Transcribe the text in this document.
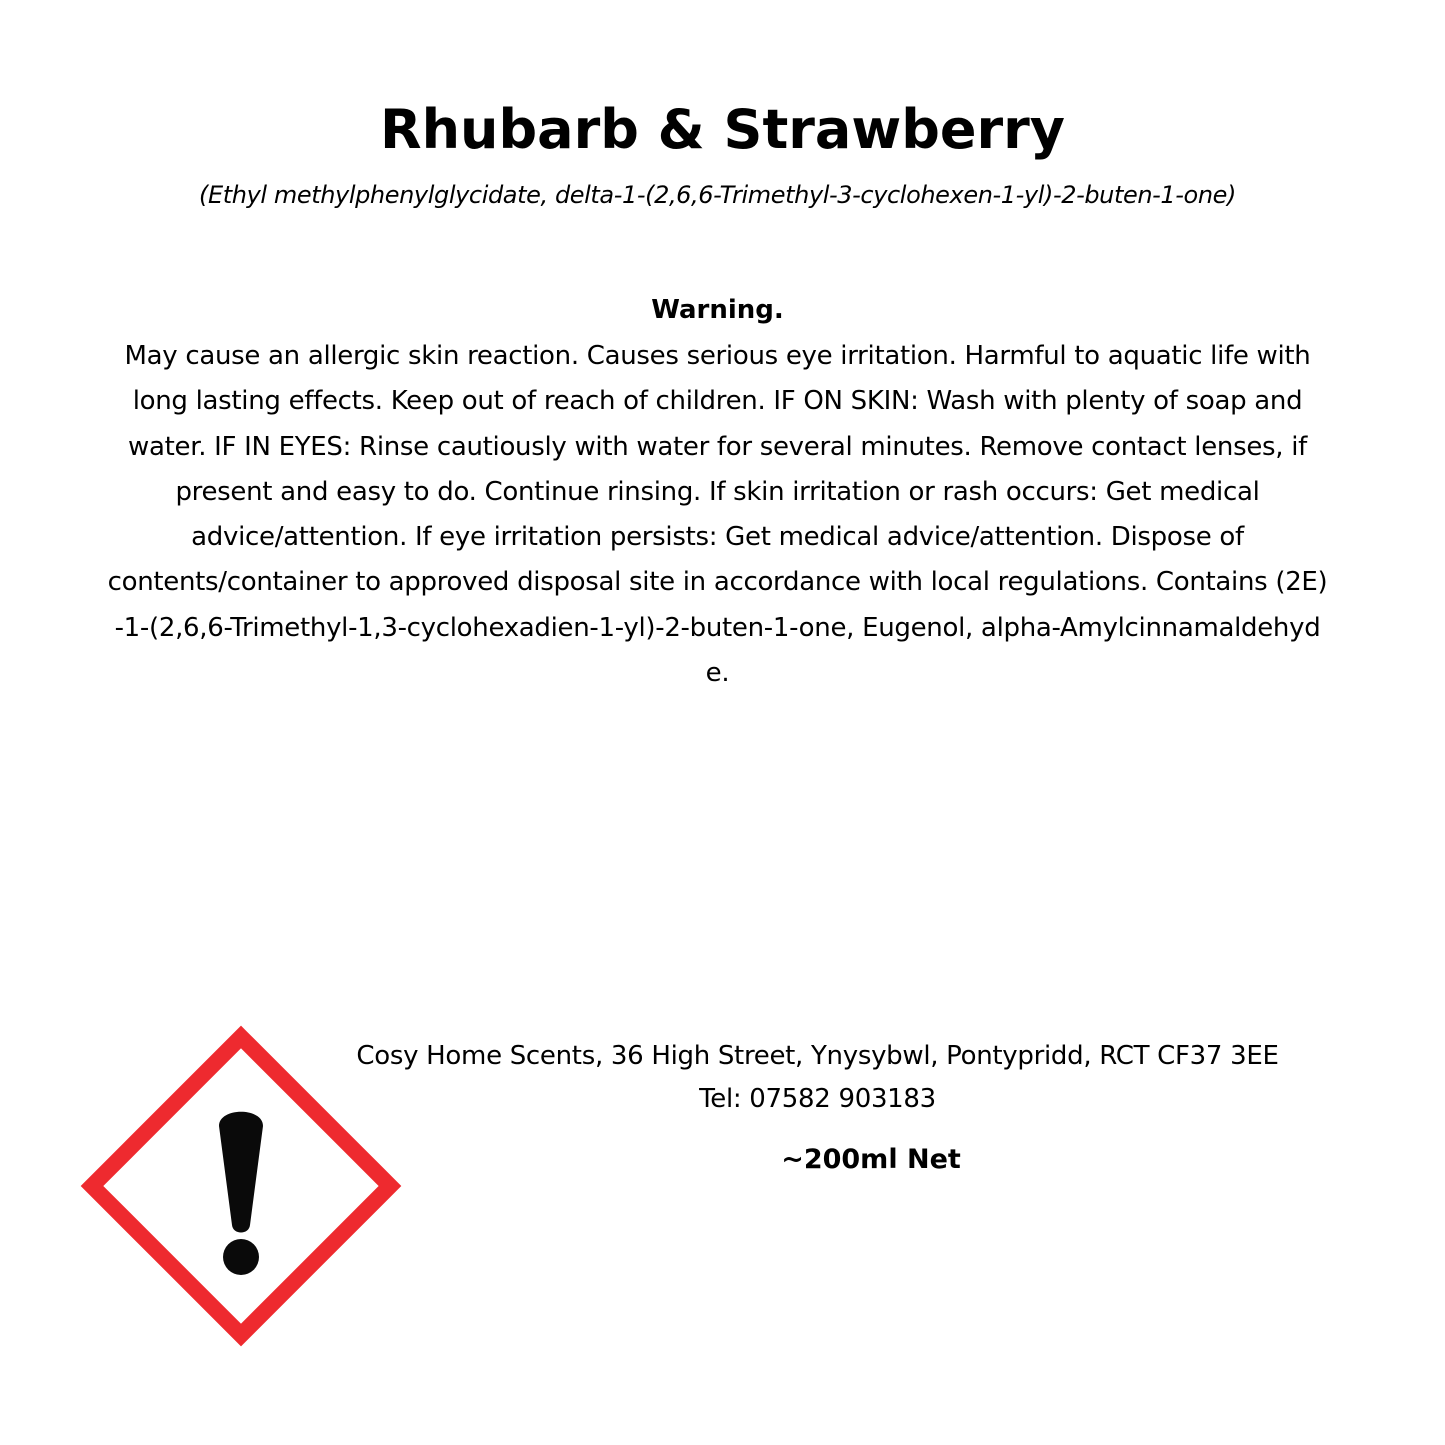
Rhubarb & Strawberry
(Ethyl methylphenylglycidate, delta-1-(2,6,6-Trimethyl-3-cyclohexen-1-yl)-2-buten-1-one)
Warning.
May cause an allergic skin reaction. Causes serious eye irritation. Harmful to aquatic life with
long lasting effects. Keep out of reach of children. IF ON SKIN: Wash with plenty of soap and
water. IF IN EYES: Rinse cautiously with water for several minutes. Remove contact lenses, if
present and easy to do. Continue rinsing. If skin irritation or rash occurs: Get medical
advice/attention. If eye irritation persists: Get medical advice/attention. Dispose of
contents/container to approved disposal site in accordance with local regulations. Contains (2E)
-1-(2,6,6-Trimethyl-1,3-cyclohexadien-1-yl)-2-buten-1-one, Eugenol, alpha-Amylcinnamaldehyd
e.
Cosy Home Scents, 36 High Street, Ynysybwl, Pontypridd, RCT CF37 3EE
Tel: 07582 903183
~200ml Net
